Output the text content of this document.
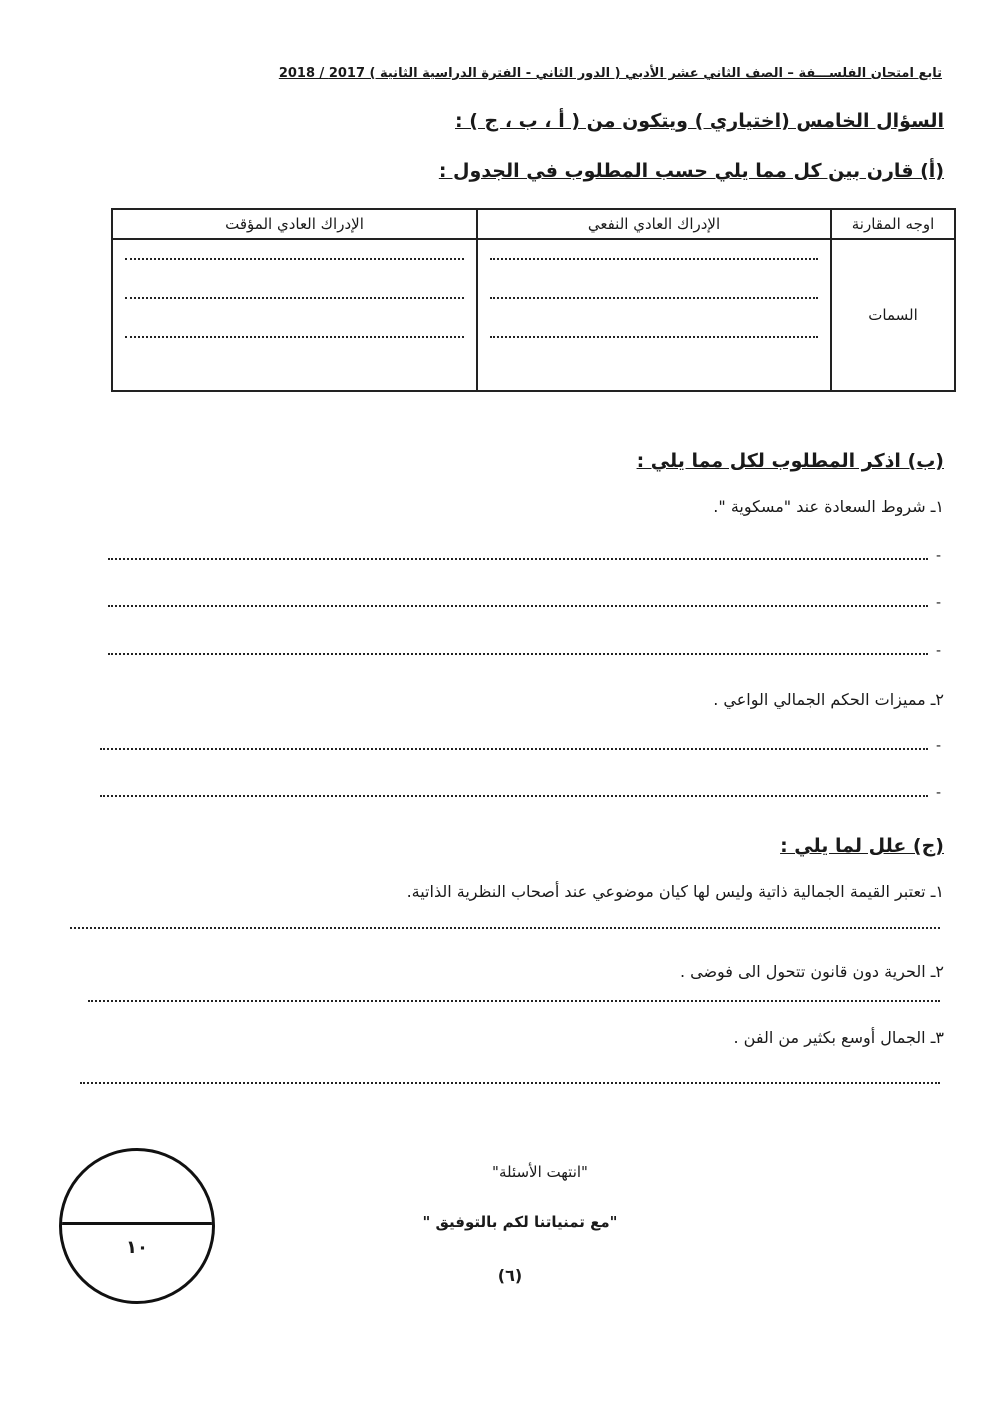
تابع امتحان الفلســـفة – الصف الثاني عشر الأدبي ( الدور الثاني - الفترة الدراسية الثانية ) 2017 / 2018
السؤال الخامس (اختياري ) ويتكون من ( أ ، ب ، ج ) :
(أ) قارن بين كل مما يلي حسب المطلوب في الجدول :
اوجه المقارنة	الإدراك العادي النفعي	الإدراك العادي المؤقت
السمات	

(ب) اذكر المطلوب لكل مما يلي :
١ـ شروط السعادة عند "مسكوية ".
-
-
-
٢ـ مميزات الحكم الجمالي الواعي .
-
-
(ج) علل لما يلي :
١ـ تعتبر القيمة الجمالية ذاتية وليس لها كيان موضوعي عند أصحاب النظرية الذاتية.
٢ـ الحرية دون قانون تتحول الى فوضى .
٣ـ الجمال أوسع بكثير من الفن .
"انتهت الأسئلة"
"مع تمنياتنا لكم بالتوفيق "
(٦)
١٠
